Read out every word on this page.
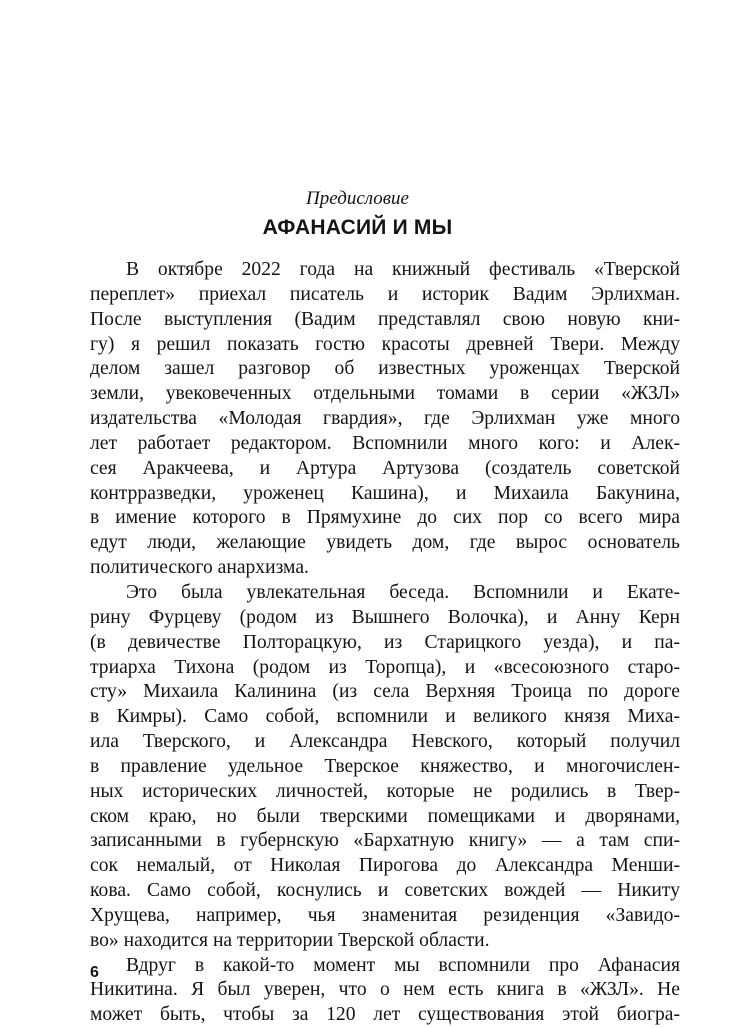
Предисловие
АФАНАСИЙ И МЫ
В октябре 2022 года на книжный фестиваль «Тверской
переплет» приехал писатель и историк Вадим Эрлихман.
После выступления (Вадим представлял свою новую кни-
гу) я решил показать гостю красоты древней Твери. Между
делом зашел разговор об известных уроженцах Тверской
земли, увековеченных отдельными томами в серии «ЖЗЛ»
издательства «Молодая гвардия», где Эрлихман уже много
лет работает редактором. Вспомнили много кого: и Алек-
сея Аракчеева, и Артура Артузова (создатель советской
контрразведки, уроженец Кашина), и Михаила Бакунина,
в имение которого в Прямухине до сих пор со всего мира
едут люди, желающие увидеть дом, где вырос основатель
политического анархизма.
Это была увлекательная беседа. Вспомнили и Екате-
рину Фурцеву (родом из Вышнего Волочка), и Анну Керн
(в девичестве Полторацкую, из Старицкого уезда), и па-
триарха Тихона (родом из Торопца), и «всесоюзного старо-
сту» Михаила Калинина (из села Верхняя Троица по дороге
в Кимры). Само собой, вспомнили и великого князя Миха-
ила Тверского, и Александра Невского, который получил
в правление удельное Тверское княжество, и многочислен-
ных исторических личностей, которые не родились в Твер-
ском краю, но были тверскими помещиками и дворянами,
записанными в губернскую «Бархатную книгу» — а там спи-
сок немалый, от Николая Пирогова до Александра Менши-
кова. Само собой, коснулись и советских вождей — Никиту
Хрущева, например, чья знаменитая резиденция «Завидо-
во» находится на территории Тверской области.
Вдруг в какой-то момент мы вспомнили про Афанасия
Никитина. Я был уверен, что о нем есть книга в «ЖЗЛ». Не
может быть, чтобы за 120 лет существования этой биогра-
6
